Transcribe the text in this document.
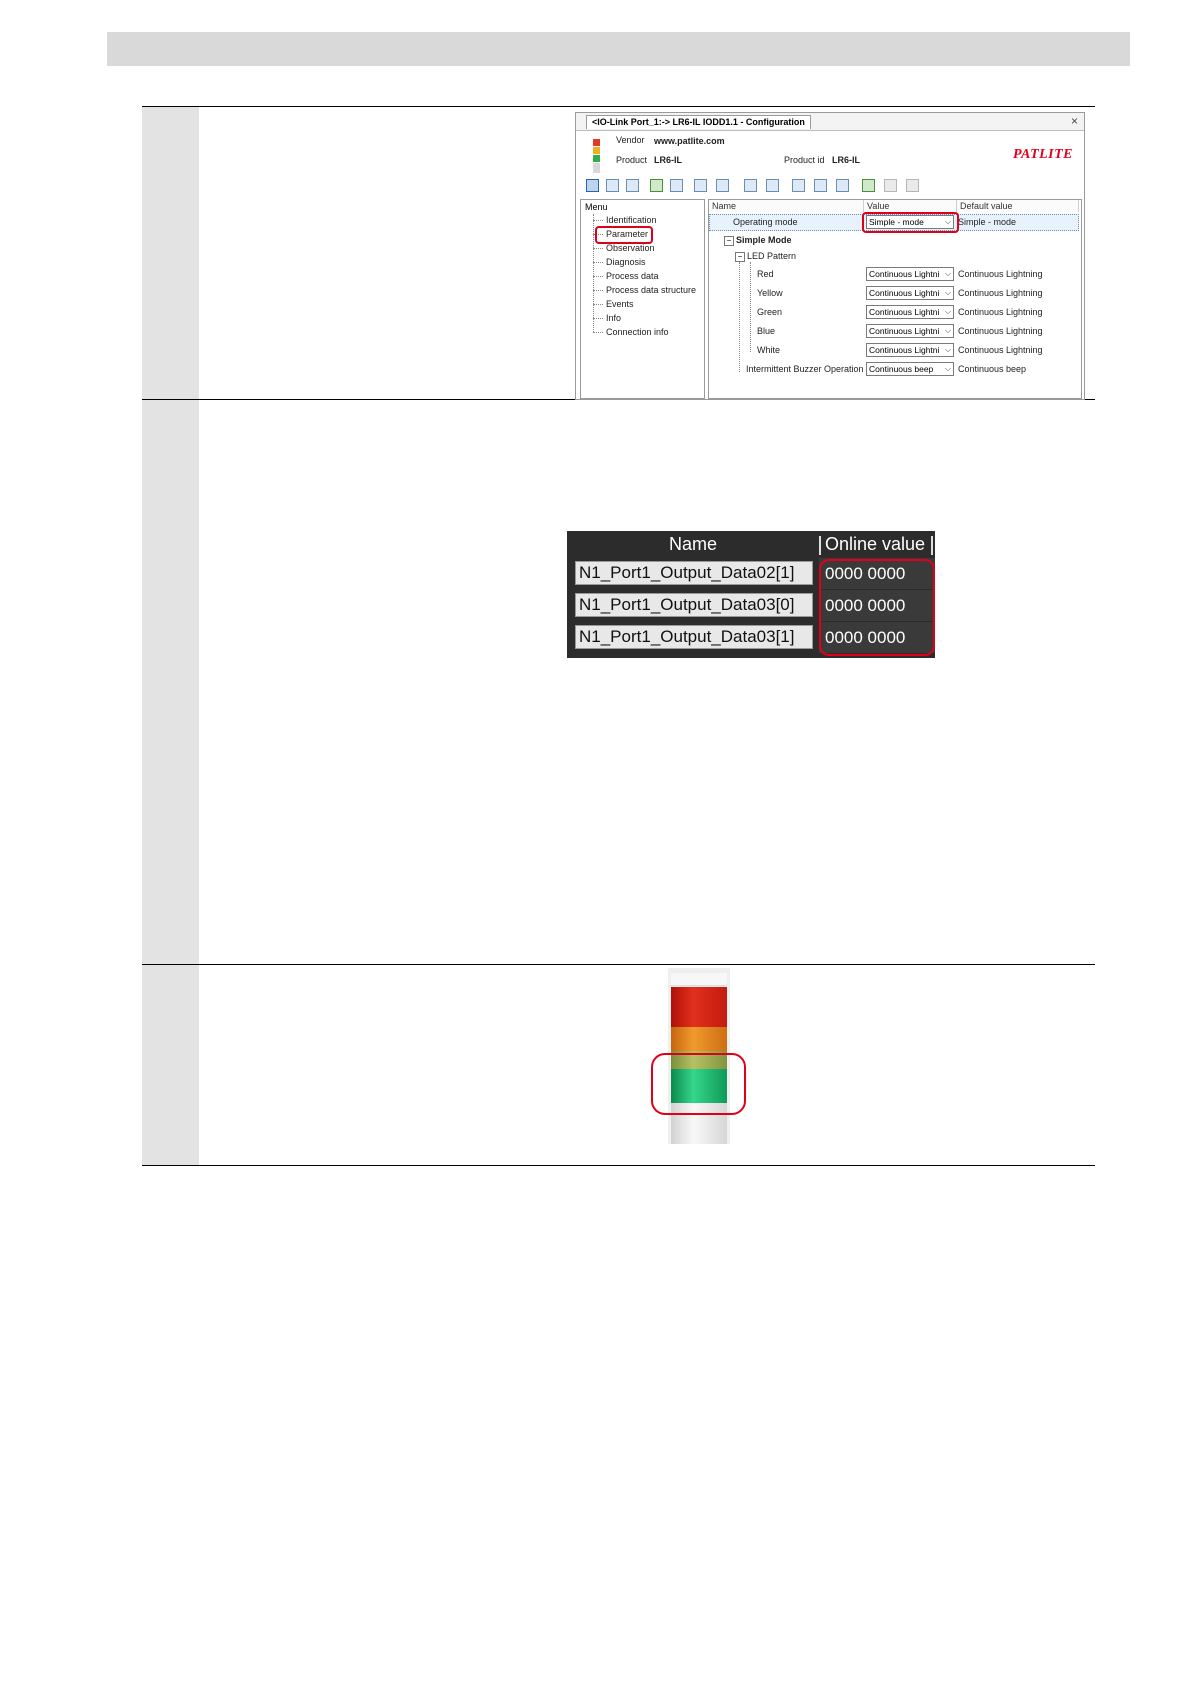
<IO-Link Port_1:-> LR6-IL IODD1.1 - Configuration	×
Vendor www.patlite.com
Product LR6-IL	Product id LR6-IL	PATLITE
Menu
Identification
Parameter
Observation
Diagnosis
Process data
Process data structure
Events
Info
Connection info
Name	Value	Default value
Operating mode	Simple - mode	⌵ Simple - mode
− Simple Mode
− LED Pattern
Red	Continuous Lightni ⌵ Continuous Lightning
Yellow	Continuous Lightni ⌵ Continuous Lightning
Green	Continuous Lightni ⌵ Continuous Lightning
Blue	Continuous Lightni ⌵ Continuous Lightning
White	Continuous Lightni ⌵ Continuous Lightning
Intermittent Buzzer Operation Continuous beep ⌵ Continuous beep
Name	Online value
N1_Port1_Output_Data02[1]	0000 0000
N1_Port1_Output_Data03[0]	0000 0000
N1_Port1_Output_Data03[1]	0000 0000
